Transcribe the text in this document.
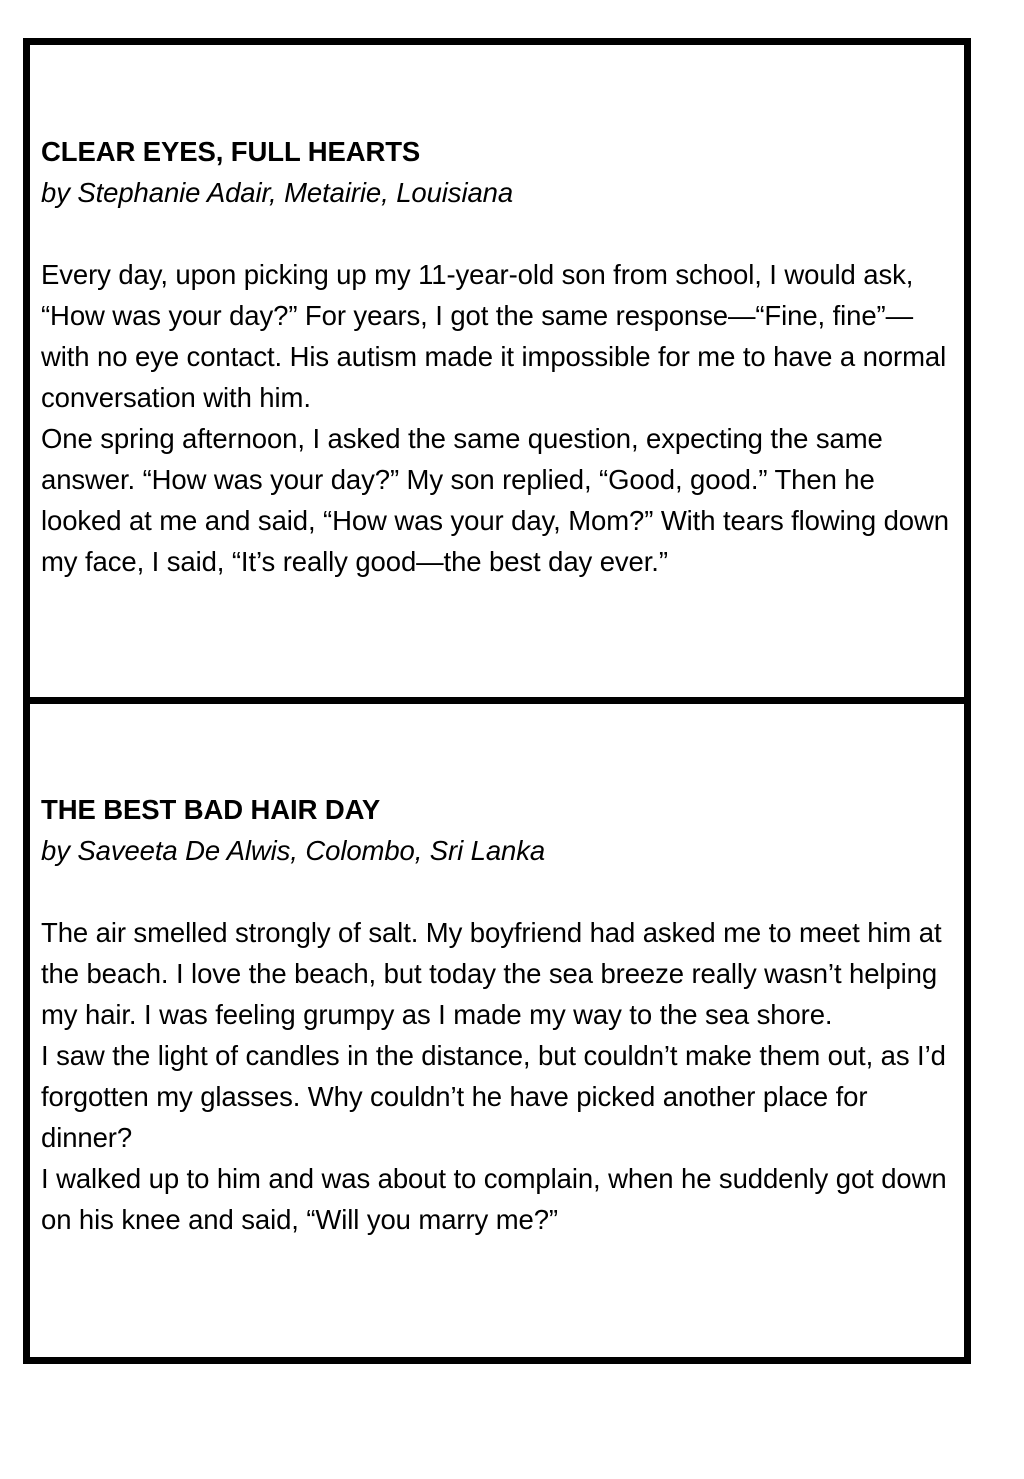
CLEAR EYES, FULL HEARTS
by Stephanie Adair, Metairie, Louisiana

Every day, upon picking up my 11-year-old son from school, I would ask, “How was your day?” For years, I got the same response—“Fine, fine”—with no eye contact. His autism made it impossible for me to have a normal conversation with him.

One spring afternoon, I asked the same question, expecting the same answer. “How was your day?” My son replied, “Good, good.” Then he looked at me and said, “How was your day, Mom?” With tears flowing down my face, I said, “It’s really good—the best day ever.”

THE BEST BAD HAIR DAY
by Saveeta De Alwis, Colombo, Sri Lanka

The air smelled strongly of salt. My boyfriend had asked me to meet him at the beach. I love the beach, but today the sea breeze really wasn’t helping my hair. I was feeling grumpy as I made my way to the sea shore.

I saw the light of candles in the distance, but couldn’t make them out, as I’d forgotten my glasses. Why couldn’t he have picked another place for dinner?

I walked up to him and was about to complain, when he suddenly got down on his knee and said, “Will you marry me?”
